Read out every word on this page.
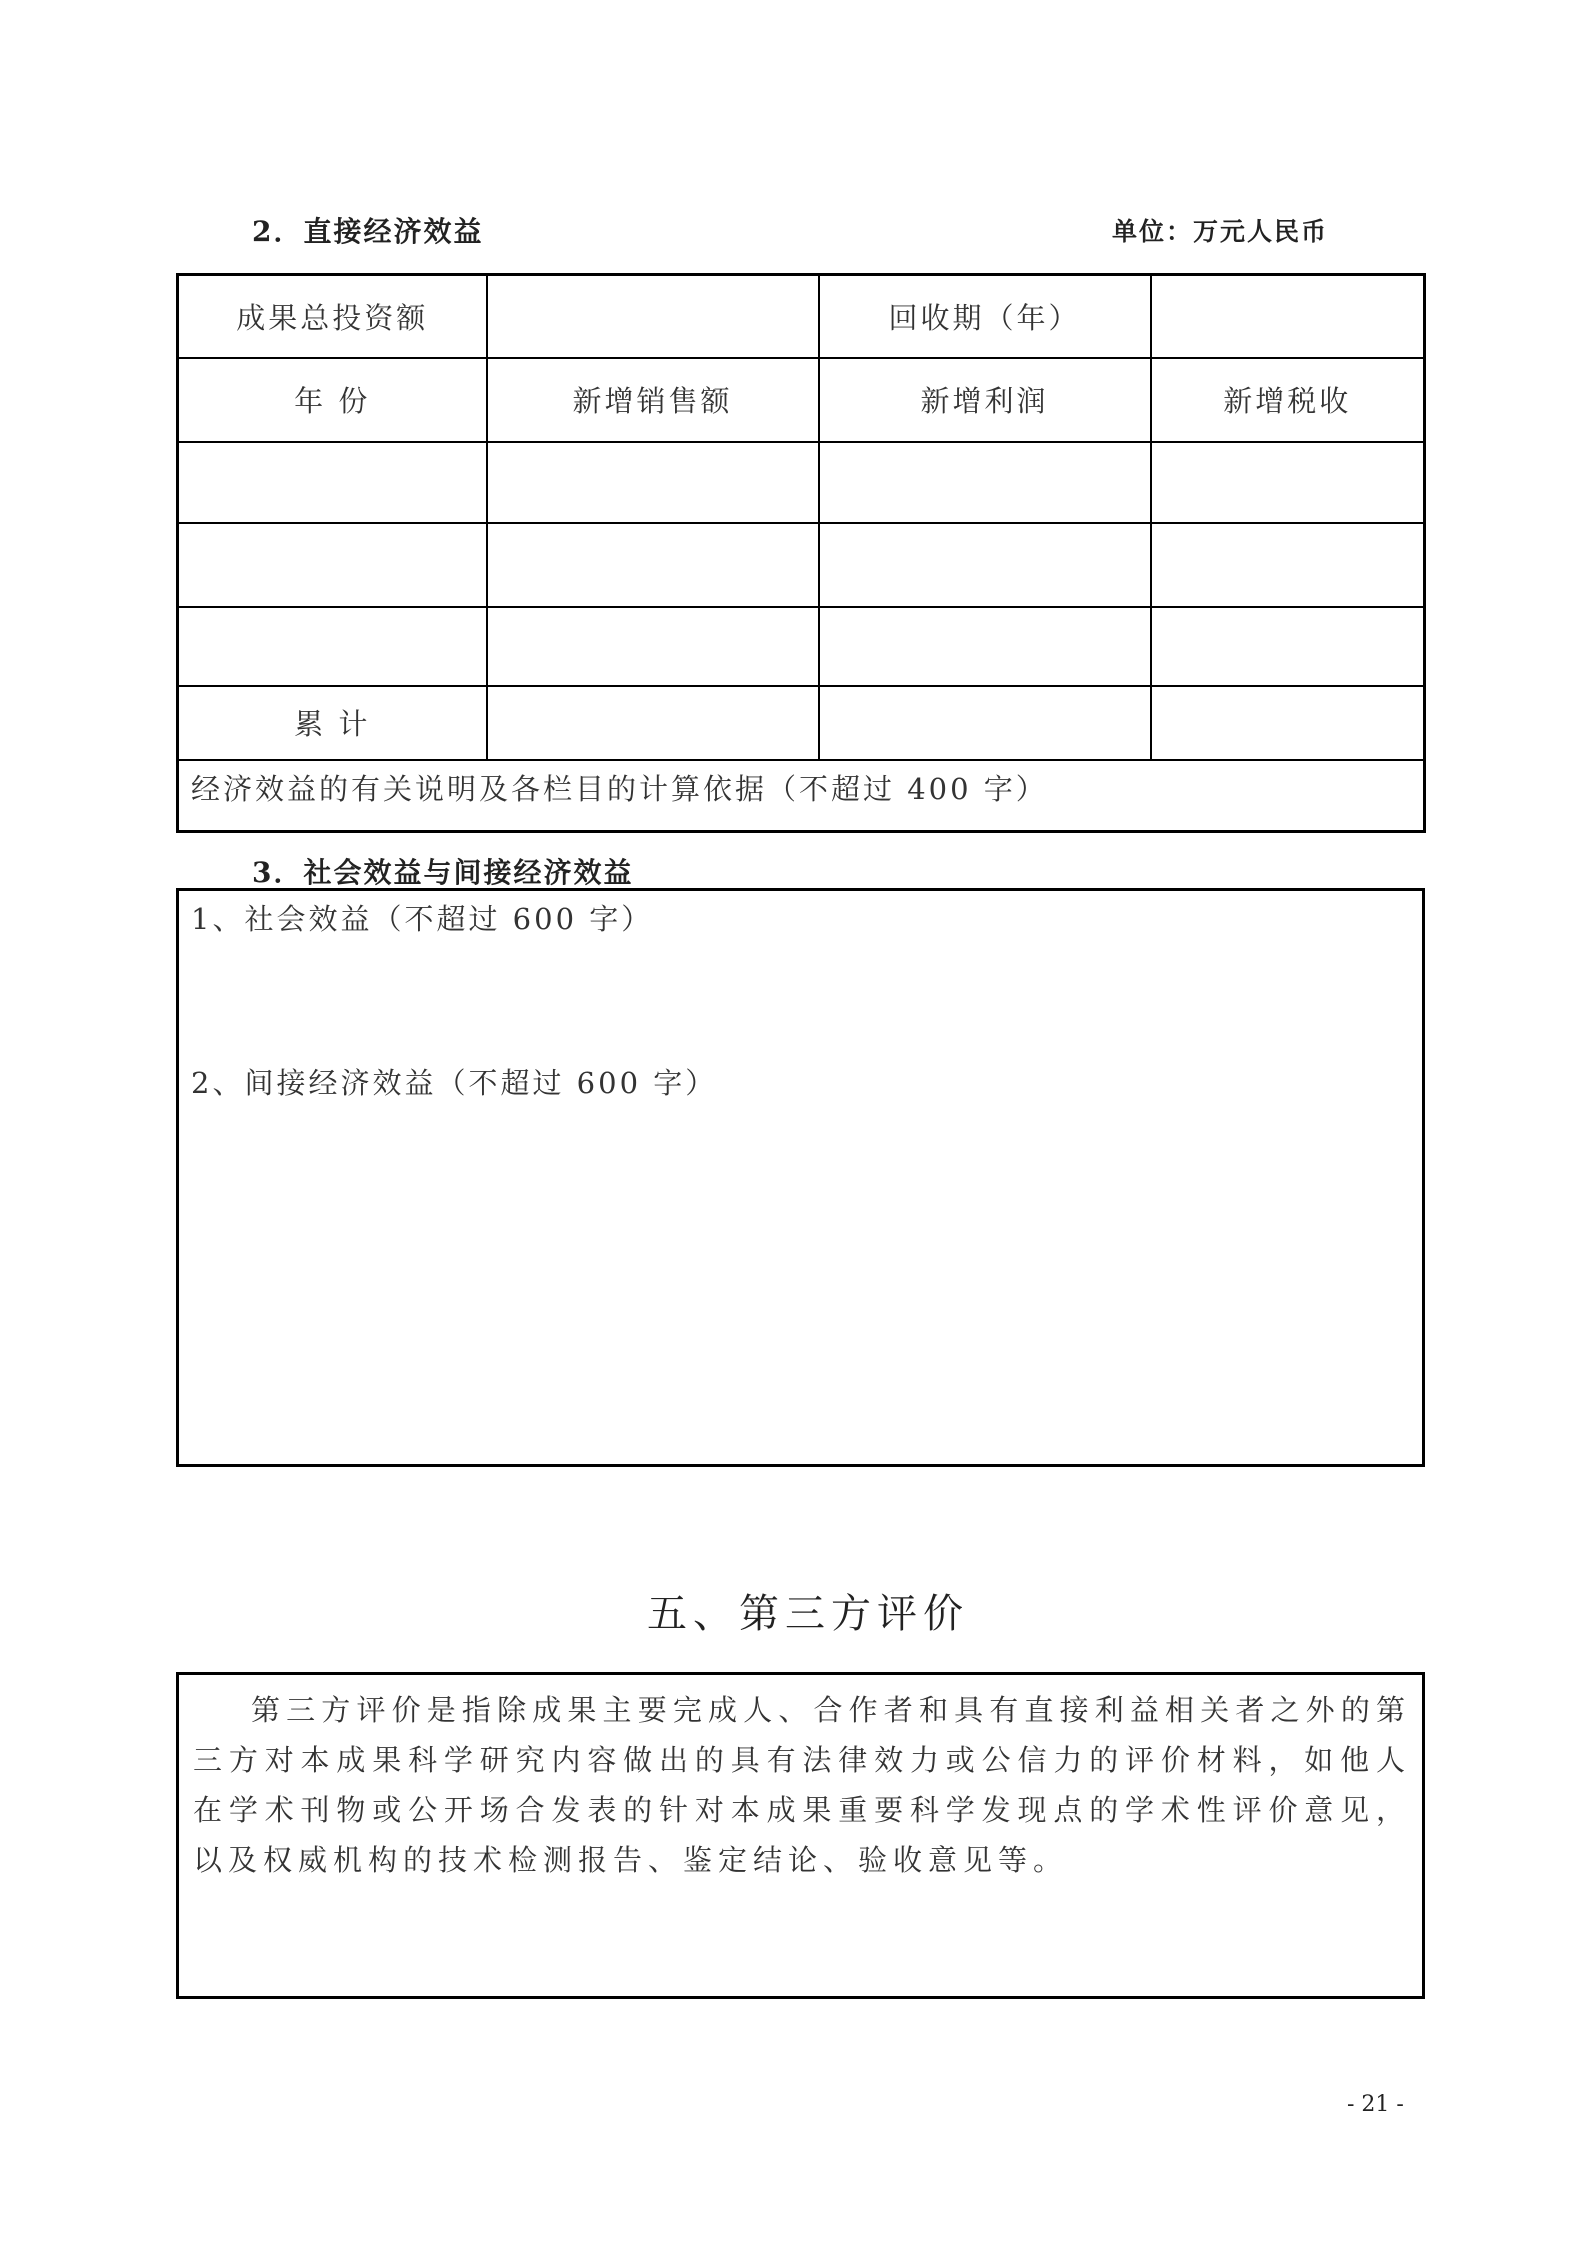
2．直接经济效益	单位：万元人民币
成果总投资额		回收期（年）	
年 份	新增销售额	新增利润	新增税收

累 计			
经济效益的有关说明及各栏目的计算依据（不超过 400 字）			
3．社会效益与间接经济效益
1、社会效益（不超过 600 字）
2、间接经济效益（不超过 600 字）
五、第三方评价
第三方评价是指除成果主要完成人、合作者和具有直接利益相关者之外的第三方对本成果科学研究内容做出的具有法律效力或公信力的评价材料，如他人在学术刊物或公开场合发表的针对本成果重要科学发现点的学术性评价意见，以及权威机构的技术检测报告、鉴定结论、验收意见等。
- 21 -
